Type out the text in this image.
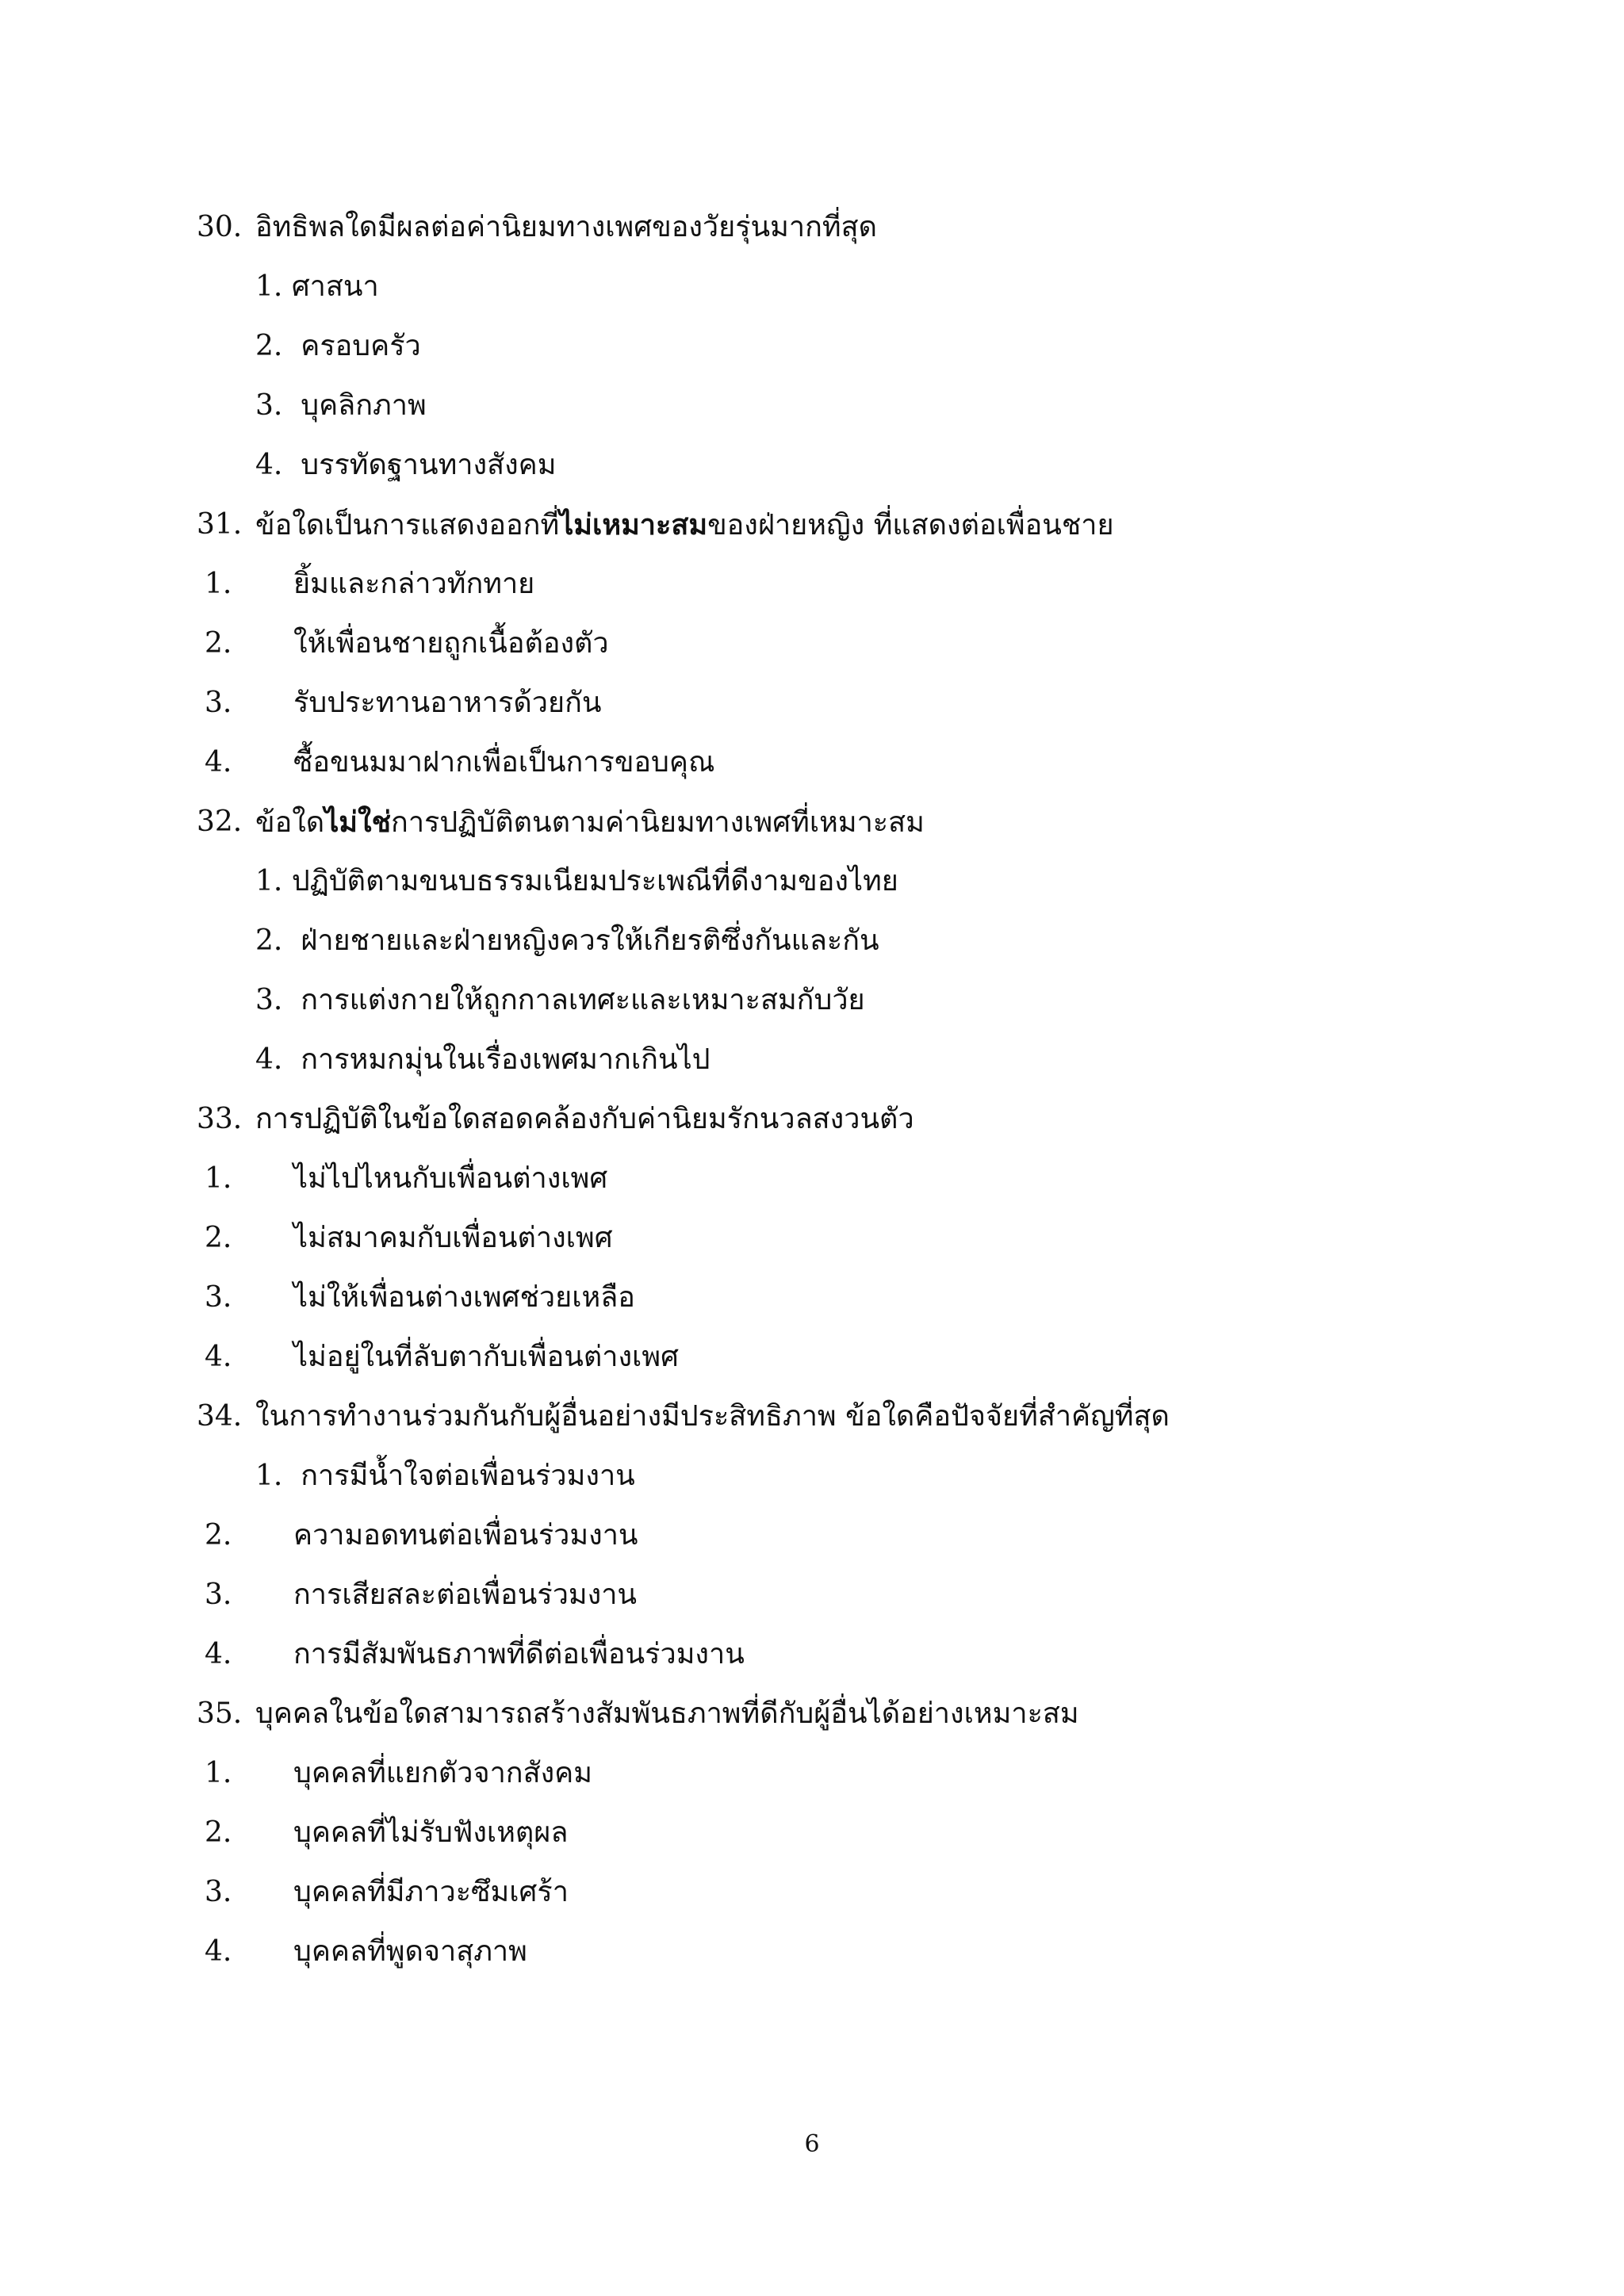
30. อิทธิพลใดมีผลต่อค่านิยมทางเพศของวัยรุ่นมากที่สุด
1. ศาสนา
2. ครอบครัว
3. บุคลิกภาพ
4. บรรทัดฐานทางสังคม
31. ข้อใดเป็นการแสดงออกที่ไม่เหมาะสมของฝ่ายหญิง ที่แสดงต่อเพื่อนชาย
1. ยิ้มและกล่าวทักทาย
2. ให้เพื่อนชายถูกเนื้อต้องตัว
3. รับประทานอาหารด้วยกัน
4. ซื้อขนมมาฝากเพื่อเป็นการขอบคุณ
32. ข้อใดไม่ใช่การปฏิบัติตนตามค่านิยมทางเพศที่เหมาะสม
1. ปฏิบัติตามขนบธรรมเนียมประเพณีที่ดีงามของไทย
2. ฝ่ายชายและฝ่ายหญิงควรให้เกียรติซึ่งกันและกัน
3. การแต่งกายให้ถูกกาลเทศะและเหมาะสมกับวัย
4. การหมกมุ่นในเรื่องเพศมากเกินไป
33. การปฏิบัติในข้อใดสอดคล้องกับค่านิยมรักนวลสงวนตัว
1. ไม่ไปไหนกับเพื่อนต่างเพศ
2. ไม่สมาคมกับเพื่อนต่างเพศ
3. ไม่ให้เพื่อนต่างเพศช่วยเหลือ
4. ไม่อยู่ในที่ลับตากับเพื่อนต่างเพศ
34. ในการทำงานร่วมกันกับผู้อื่นอย่างมีประสิทธิภาพ ข้อใดคือปัจจัยที่สำคัญที่สุด
1. การมีน้ำใจต่อเพื่อนร่วมงาน
2. ความอดทนต่อเพื่อนร่วมงาน
3. การเสียสละต่อเพื่อนร่วมงาน
4. การมีสัมพันธภาพที่ดีต่อเพื่อนร่วมงาน
35. บุคคลในข้อใดสามารถสร้างสัมพันธภาพที่ดีกับผู้อื่นได้อย่างเหมาะสม
1. บุคคลที่แยกตัวจากสังคม
2. บุคคลที่ไม่รับฟังเหตุผล
3. บุคคลที่มีภาวะซึมเศร้า
4. บุคคลที่พูดจาสุภาพ
6
